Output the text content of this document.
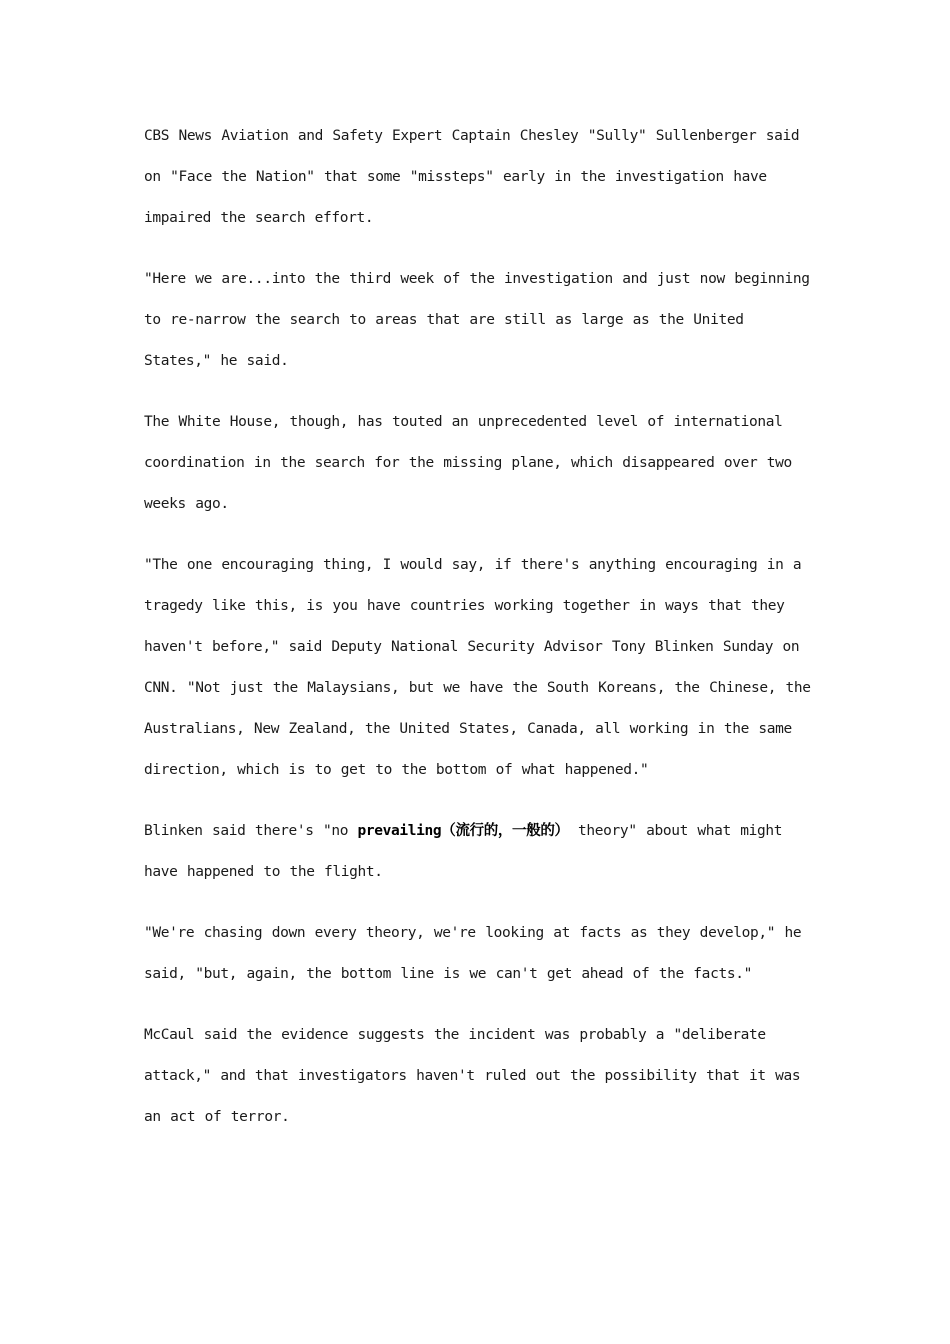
CBS News Aviation and Safety Expert Captain Chesley "Sully" Sullenberger said on "Face the Nation" that some "missteps" early in the investigation have impaired the search effort.

"Here we are...into the third week of the investigation and just now beginning to re-narrow the search to areas that are still as large as the United States," he said.

The White House, though, has touted an unprecedented level of international coordination in the search for the missing plane, which disappeared over two weeks ago.

"The one encouraging thing, I would say, if there's anything encouraging in a tragedy like this, is you have countries working together in ways that they haven't before," said Deputy National Security Advisor Tony Blinken Sunday on CNN. "Not just the Malaysians, but we have the South Koreans, the Chinese, the Australians, New Zealand, the United States, Canada, all working in the same direction, which is to get to the bottom of what happened."

Blinken said there's "no prevailing（流行的，一般的） theory" about what might have happened to the flight.

"We're chasing down every theory, we're looking at facts as they develop," he said, "but, again, the bottom line is we can't get ahead of the facts."

McCaul said the evidence suggests the incident was probably a "deliberate attack," and that investigators haven't ruled out the possibility that it was an act of terror.
